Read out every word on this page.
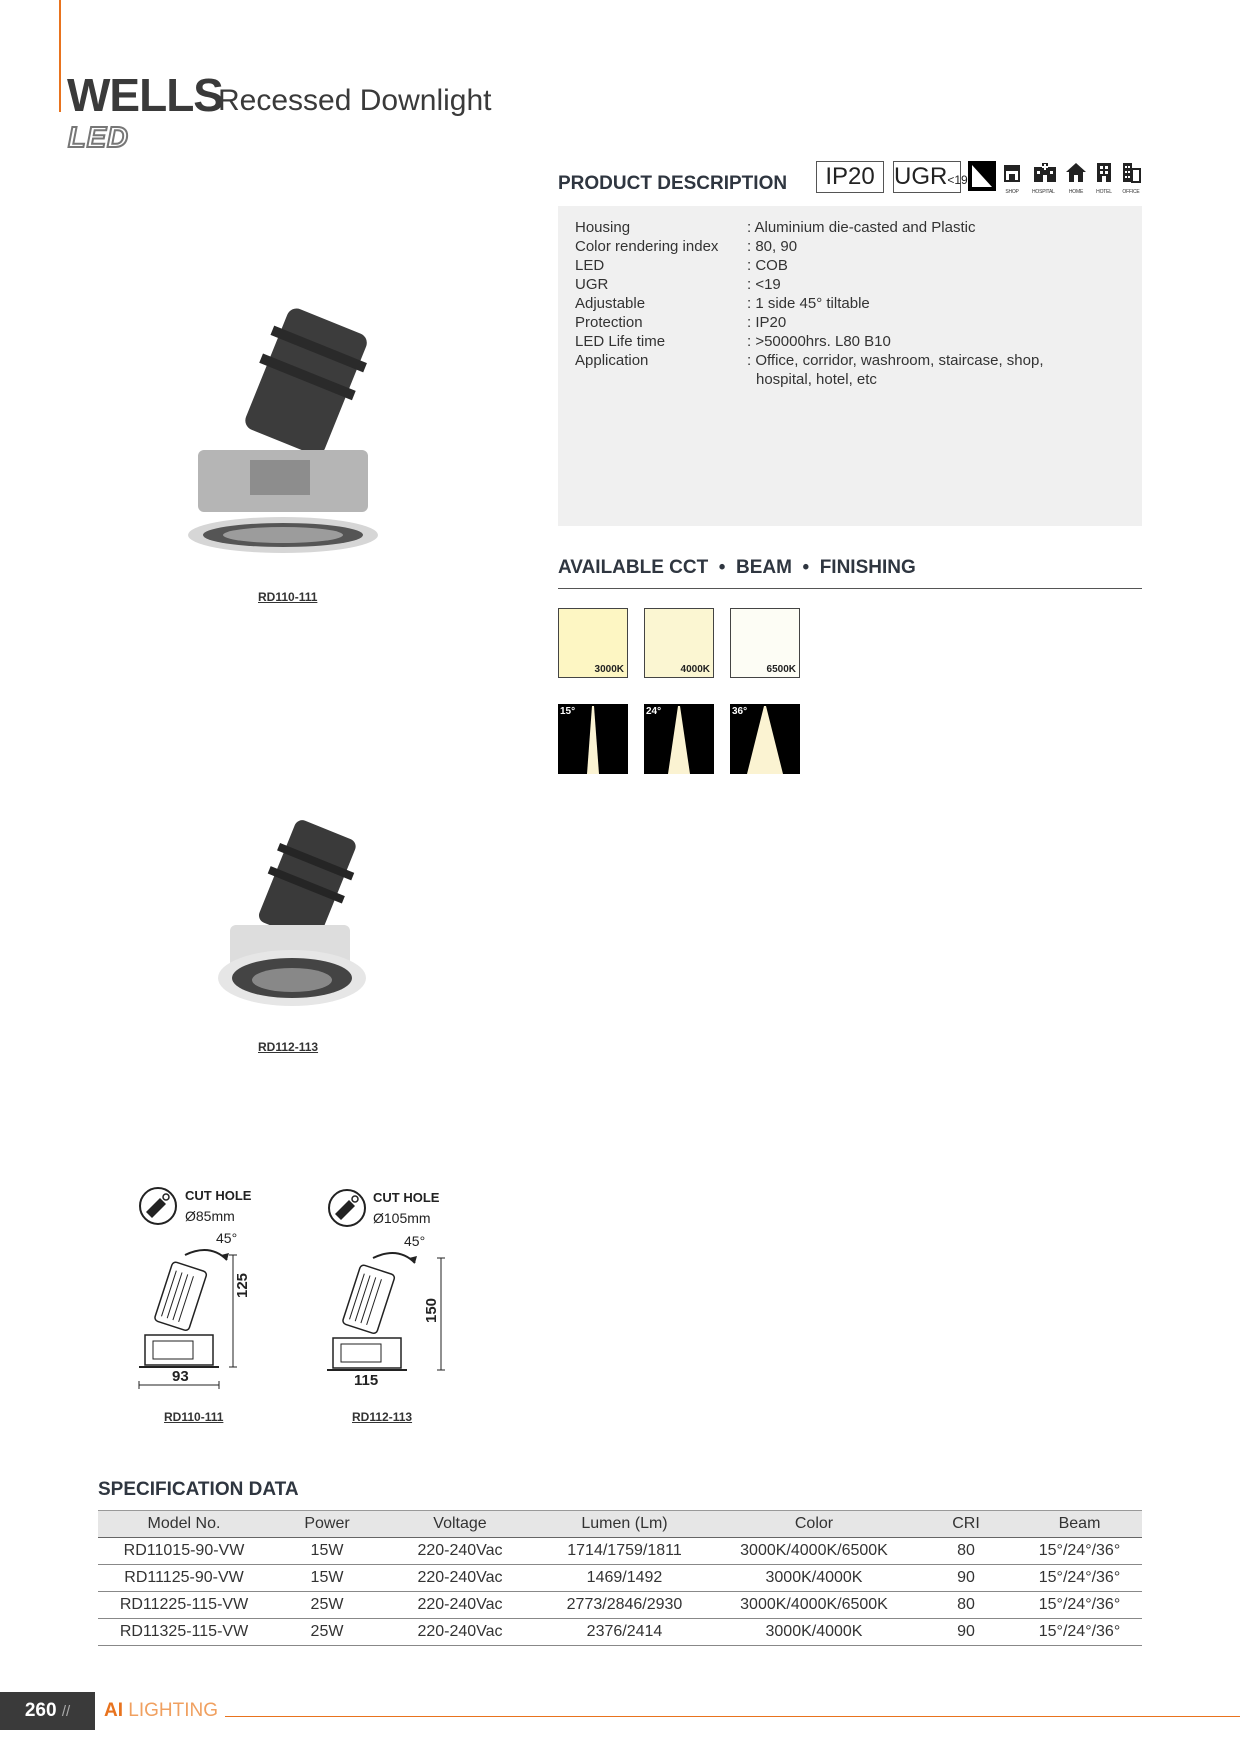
WELLS
Recessed Downlight
LED
PRODUCT DESCRIPTION	IP20 UGR<19
SHOP	HOSPITAL	HOME	HOTEL	OFFICE
Housing	: Aluminium die-casted and Plastic
Color rendering index	: 80, 90
LED	: COB
UGR	: <19
Adjustable	: 1 side 45° tiltable
Protection	: IP20
LED Life time	: >50000hrs. L80 B10
Application	: Office, corridor, washroom, staircase, shop,
hospital, hotel, etc
AVAILABLE CCT  •  BEAM  •  FINISHING
3000K	4000K	6500K
15°	24°	36°
RD110-111
RD112-113
CUT HOLE
Ø85mm
45°
125
93
RD110-111
CUT HOLE
Ø105mm
45°
150
115
RD112-113
SPECIFICATION DATA
Model No.	Power	Voltage	Lumen (Lm)	Color	CRI	Beam
RD11015-90-VW	15W	220-240Vac	1714/1759/1811	3000K/4000K/6500K	80	15°/24°/36°
RD11125-90-VW	15W	220-240Vac	1469/1492	3000K/4000K	90	15°/24°/36°
RD11225-115-VW	25W	220-240Vac	2773/2846/2930	3000K/4000K/6500K	80	15°/24°/36°
RD11325-115-VW	25W	220-240Vac	2376/2414	3000K/4000K	90	15°/24°/36°
260 //	AI LIGHTING
